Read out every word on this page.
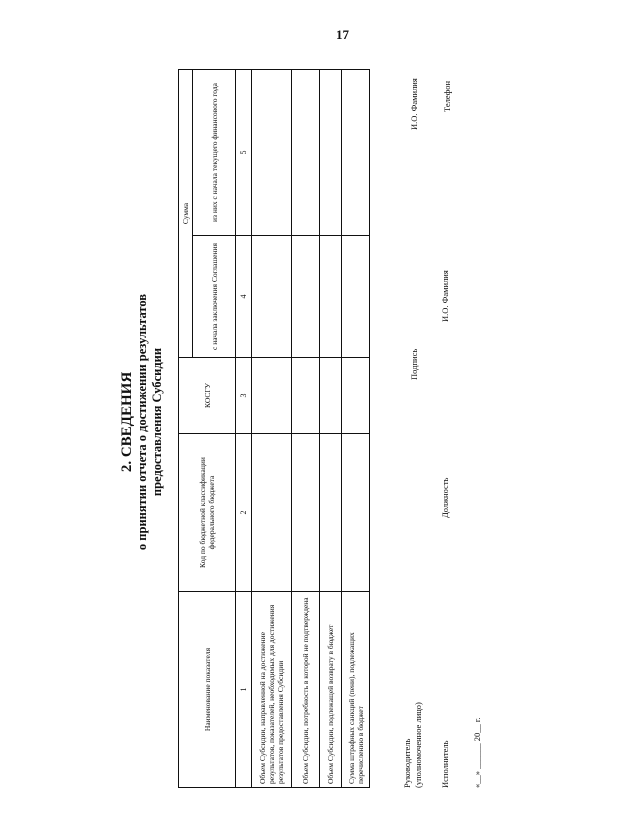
17
2. СВЕДЕНИЯ о принятии отчета о достижении результатов предоставления Субсидии
Наименование показателя	Код по бюджетной классификации федерального бюджета	КОСГУ	Сумма	
			с начала заключения Соглашения	из них с начала текущего финансового года
1	2	3	4	5
Объем Субсидии, направленной на достижение результатов, показателей, необходимых для достижения результатов предоставления Субсидии				
Объем Субсидии, потребность в которой не подтверждена				
Объем Субсидии, подлежащей возврату в бюджет				
Сумма штрафных санкций (пени), подлежащих перечислению в бюджет					Руководитель (уполномоченное лицо)
Подпись
И.О. Фамилия
Исполнитель
Должность
И.О. Фамилия
Телефон
«__» ______ 20__ г.
